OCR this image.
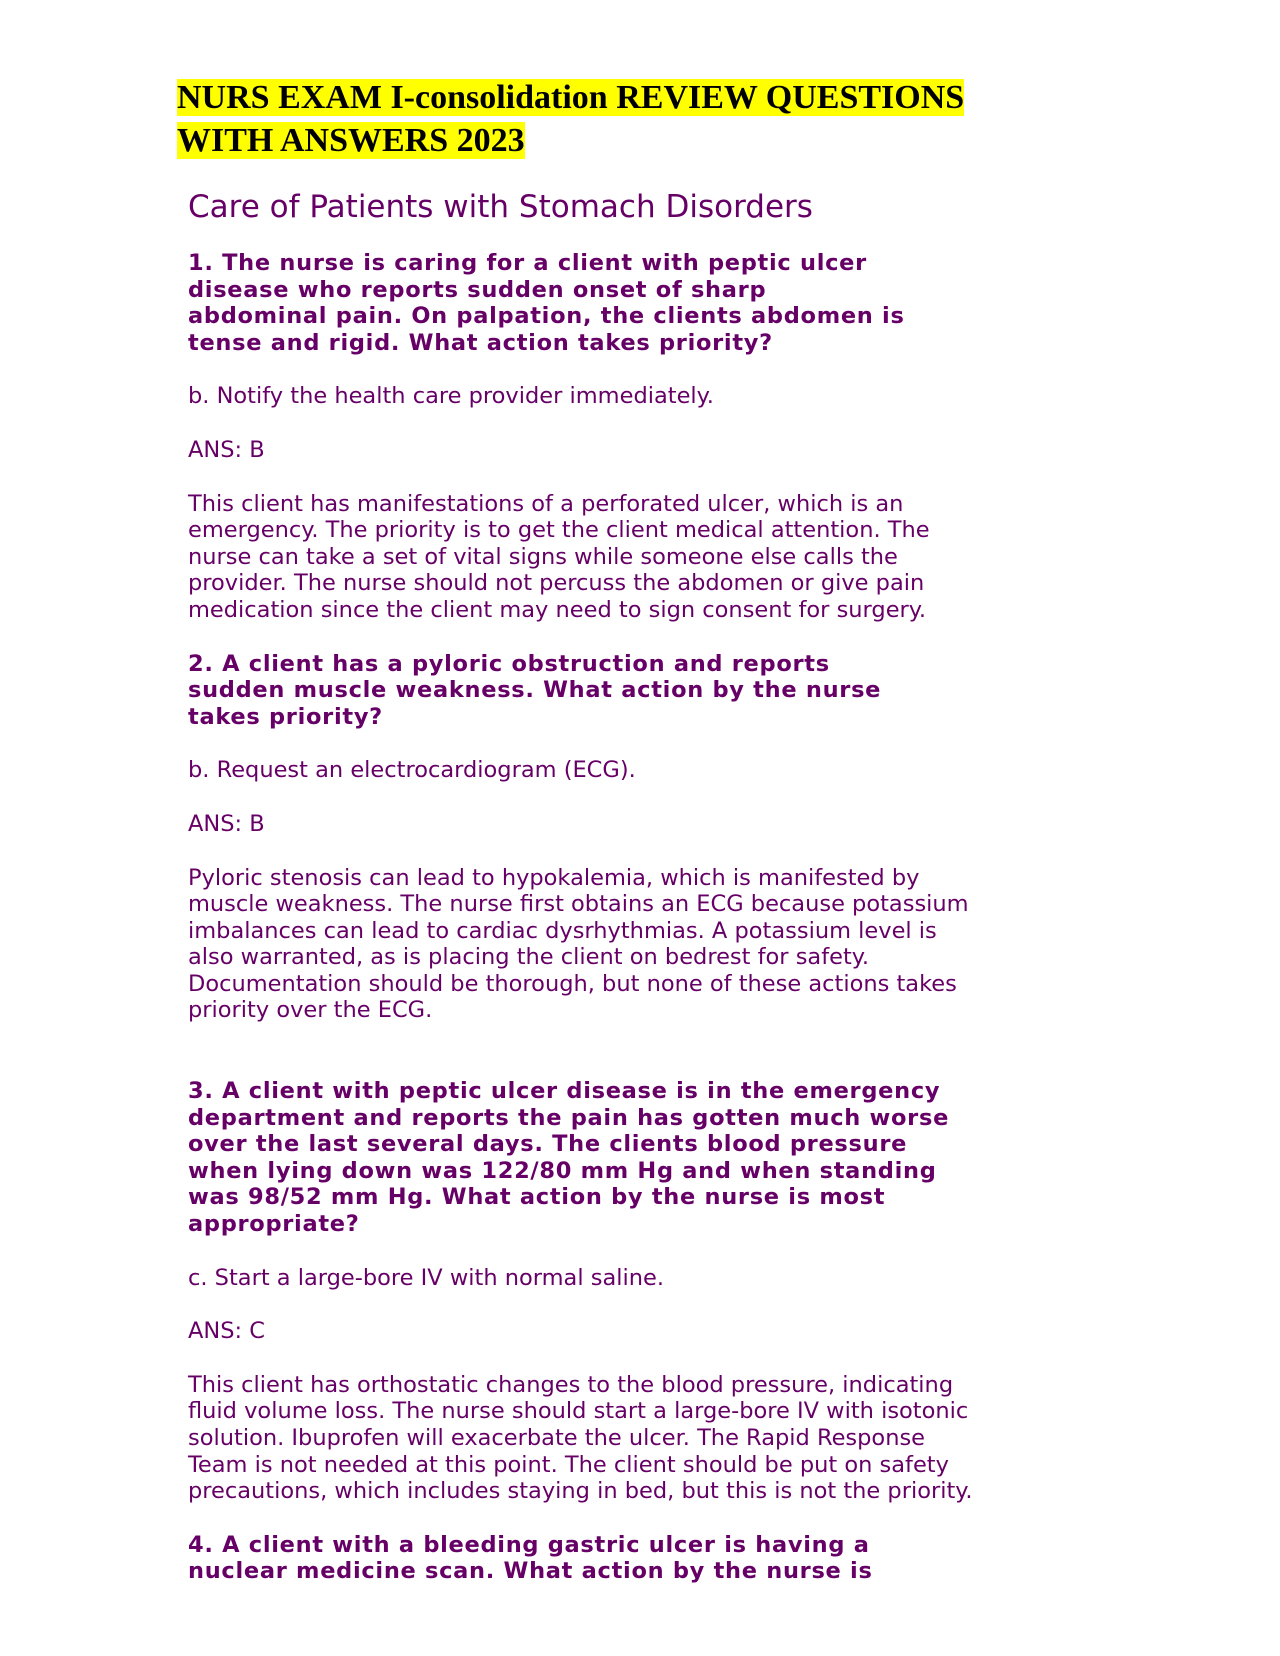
NURS EXAM I-consolidation REVIEW QUESTIONS
WITH ANSWERS 2023
Care of Patients with Stomach Disorders
1. The nurse is caring for a client with peptic ulcer
disease who reports sudden onset of sharp
abdominal pain. On palpation, the clients abdomen is
tense and rigid. What action takes priority?

b. Notify the health care provider immediately.

ANS: B

This client has manifestations of a perforated ulcer, which is an
emergency. The priority is to get the client medical attention. The
nurse can take a set of vital signs while someone else calls the
provider. The nurse should not percuss the abdomen or give pain
medication since the client may need to sign consent for surgery.
2. A client has a pyloric obstruction and reports
sudden muscle weakness. What action by the nurse
takes priority?

b. Request an electrocardiogram (ECG).

ANS: B

Pyloric stenosis can lead to hypokalemia, which is manifested by
muscle weakness. The nurse first obtains an ECG because potassium
imbalances can lead to cardiac dysrhythmias. A potassium level is
also warranted, as is placing the client on bedrest for safety.
Documentation should be thorough, but none of these actions takes
priority over the ECG.
3. A client with peptic ulcer disease is in the emergency
department and reports the pain has gotten much worse
over the last several days. The clients blood pressure
when lying down was 122/80 mm Hg and when standing
was 98/52 mm Hg. What action by the nurse is most
appropriate?

c. Start a large-bore IV with normal saline.

ANS: C

This client has orthostatic changes to the blood pressure, indicating
fluid volume loss. The nurse should start a large-bore IV with isotonic
solution. Ibuprofen will exacerbate the ulcer. The Rapid Response
Team is not needed at this point. The client should be put on safety
precautions, which includes staying in bed, but this is not the priority.
4. A client with a bleeding gastric ulcer is having a
nuclear medicine scan. What action by the nurse is
